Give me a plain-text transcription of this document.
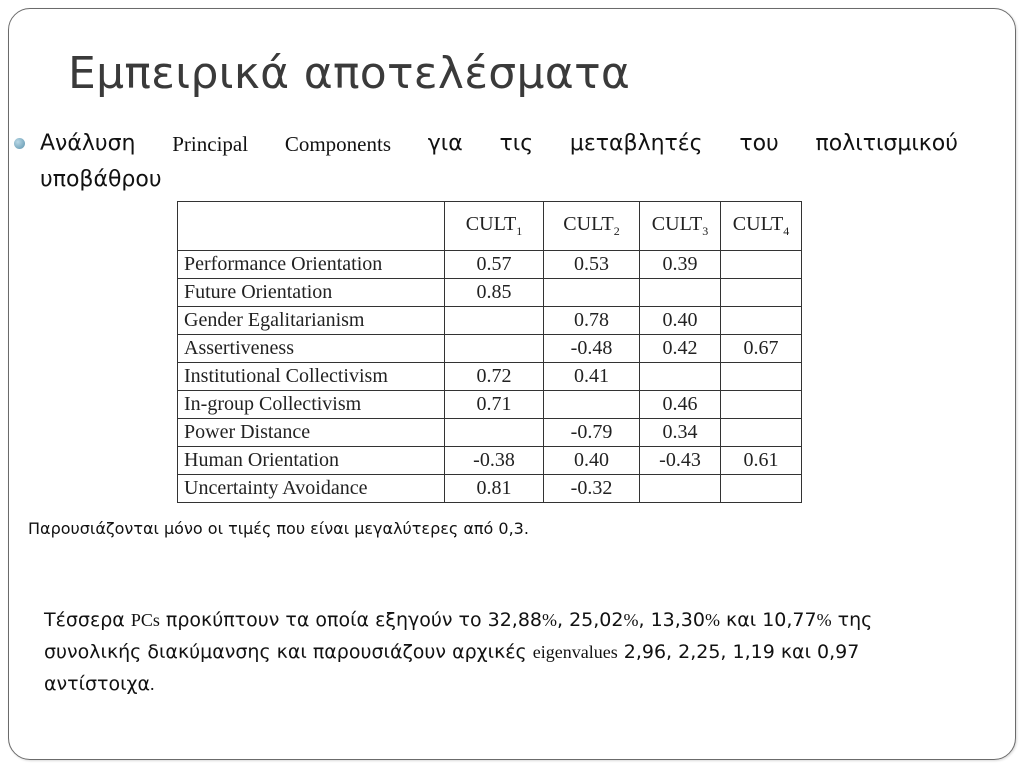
Εμπειρικά αποτελέσματα
Ανάλυση Principal Components για τις μεταβλητές του πολιτισμικού
υποβάθρου
	$CULT_1$	$CULT_2$	$CULT_3$	$CULT_4$
Performance Orientation	0.57	0.53	0.39	
Future Orientation	0.85			
Gender Egalitarianism		0.78	0.40	
Assertiveness		-0.48	0.42	0.67
Institutional Collectivism	0.72	0.41		
In-group Collectivism	0.71		0.46	
Power Distance		-0.79	0.34	
Human Orientation	-0.38	0.40	-0.43	0.61
Uncertainty Avoidance	0.81	-0.32		
Παρουσιάζονται μόνο οι τιμές που είναι μεγαλύτερες από 0,3.
Τέσσερα PCs προκύπτουν τα οποία εξηγούν το 32,88%, 25,02%, 13,30% και 10,77% της συνολικής διακύμανσης και παρουσιάζουν αρχικές eigenvalues 2,96, 2,25, 1,19 και 0,97 αντίστοιχα.
